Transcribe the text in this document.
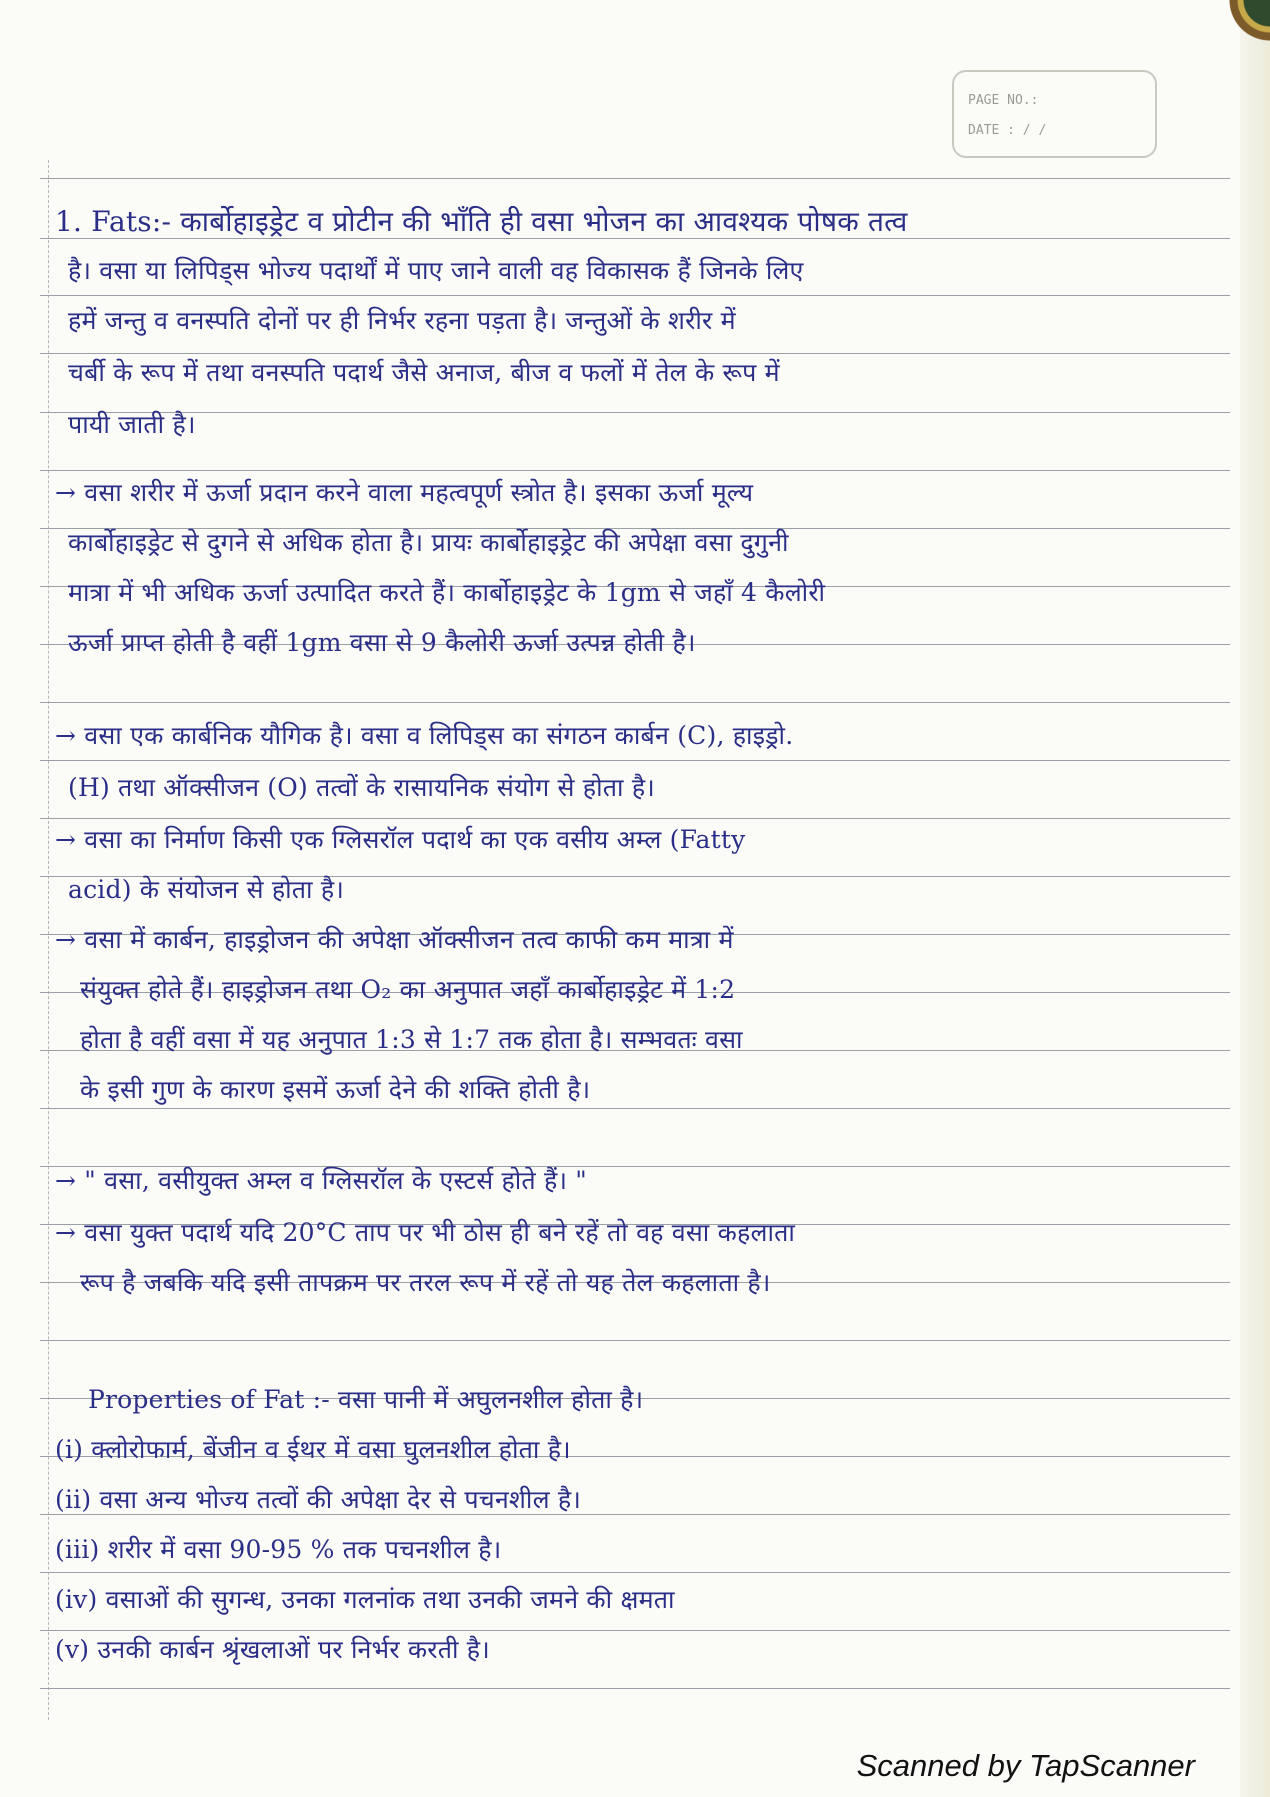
PAGE NO.:
DATE : / /
1. Fats:- कार्बोहाइड्रेट व प्रोटीन की भाँति ही वसा भोजन का आवश्यक पोषक तत्व
है। वसा या लिपिड्स भोज्य पदार्थों में पाए जाने वाली वह विकासक हैं जिनके लिए
हमें जन्तु व वनस्पति दोनों पर ही निर्भर रहना पड़ता है। जन्तुओं के शरीर में
चर्बी के रूप में तथा वनस्पति पदार्थ जैसे अनाज, बीज व फलों में तेल के रूप में
पायी जाती है।
→ वसा शरीर में ऊर्जा प्रदान करने वाला महत्वपूर्ण स्त्रोत है। इसका ऊर्जा मूल्य
कार्बोहाइड्रेट से दुगने से अधिक होता है। प्रायः कार्बोहाइड्रेट की अपेक्षा वसा दुगुनी
मात्रा में भी अधिक ऊर्जा उत्पादित करते हैं। कार्बोहाइड्रेट के 1gm से जहाँ 4 कैलोरी
ऊर्जा प्राप्त होती है वहीं 1gm वसा से 9 कैलोरी ऊर्जा उत्पन्न होती है।
→ वसा एक कार्बनिक यौगिक है। वसा व लिपिड्स का संगठन कार्बन (C), हाइड्रो.
(H) तथा ऑक्सीजन (O) तत्वों के रासायनिक संयोग से होता है।
→ वसा का निर्माण किसी एक ग्लिसरॉल पदार्थ का एक वसीय अम्ल (Fatty
acid) के संयोजन से होता है।
→ वसा में कार्बन, हाइड्रोजन की अपेक्षा ऑक्सीजन तत्व काफी कम मात्रा में
संयुक्त होते हैं। हाइड्रोजन तथा O₂ का अनुपात जहाँ कार्बोहाइड्रेट में 1:2
होता है वहीं वसा में यह अनुपात 1:3 से 1:7 तक होता है। सम्भवतः वसा
के इसी गुण के कारण इसमें ऊर्जा देने की शक्ति होती है।
→ " वसा, वसीयुक्त अम्ल व ग्लिसरॉल के एस्टर्स होते हैं। "
→ वसा युक्त पदार्थ यदि 20°C ताप पर भी ठोस ही बने रहें तो वह वसा कहलाता
रूप है जबकि यदि इसी तापक्रम पर तरल रूप में रहें तो यह तेल कहलाता है।
Properties of Fat :- वसा पानी में अघुलनशील होता है।
(i) क्लोरोफार्म, बेंजीन व ईथर में वसा घुलनशील होता है।
(ii) वसा अन्य भोज्य तत्वों की अपेक्षा देर से पचनशील है।
(iii) शरीर में वसा 90-95 % तक पचनशील है।
(iv) वसाओं की सुगन्ध, उनका गलनांक तथा उनकी जमने की क्षमता
(v) उनकी कार्बन श्रृंखलाओं पर निर्भर करती है।
Scanned by TapScanner
